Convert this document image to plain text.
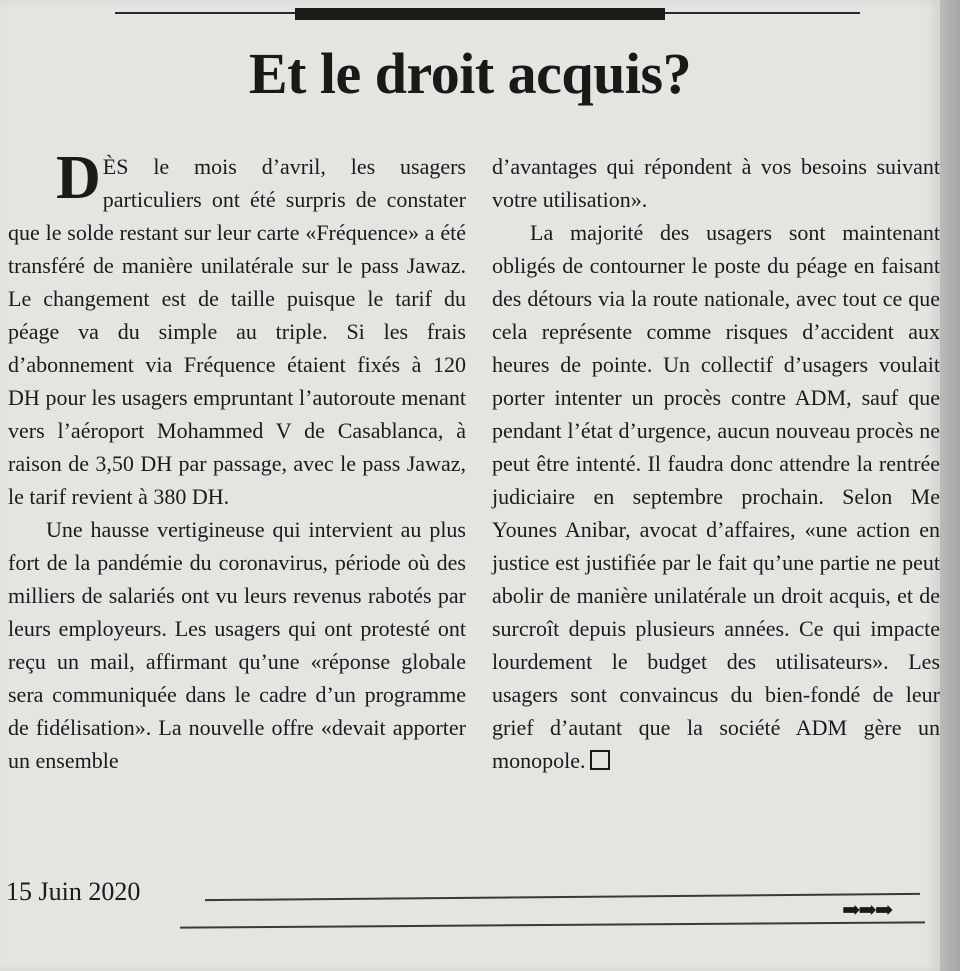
Et le droit acquis?

DÈS le mois d’avril, les usagers particuliers ont été surpris de constater que le solde restant sur leur carte «Fréquence» a été transféré de manière unilatérale sur le pass Jawaz. Le changement est de taille puisque le tarif du péage va du simple au triple. Si les frais d’abonnement via Fréquence étaient fixés à 120 DH pour les usagers empruntant l’autoroute menant vers l’aéroport Mohammed V de Casablanca, à raison de 3,50 DH par passage, avec le pass Jawaz, le tarif revient à 380 DH.

Une hausse vertigineuse qui intervient au plus fort de la pandémie du coronavirus, période où des milliers de salariés ont vu leurs revenus rabotés par leurs employeurs. Les usagers qui ont protesté ont reçu un mail, affirmant qu’une «réponse globale sera communiquée dans le cadre d’un programme de fidélisation». La nouvelle offre «devait apporter un ensemble

d’avantages qui répondent à vos besoins suivant votre utilisation».

La majorité des usagers sont maintenant obligés de contourner le poste du péage en faisant des détours via la route nationale, avec tout ce que cela représente comme risques d’accident aux heures de pointe. Un collectif d’usagers voulait porter intenter un procès contre ADM, sauf que pendant l’état d’urgence, aucun nouveau procès ne peut être intenté. Il faudra donc attendre la rentrée judiciaire en septembre prochain. Selon Me Younes Anibar, avocat d’affaires, «une action en justice est justifiée par le fait qu’une partie ne peut abolir de manière unilatérale un droit acquis, et de surcroît depuis plusieurs années. Ce qui impacte lourdement le budget des utilisateurs». Les usagers sont convaincus du bien-fondé de leur grief d’autant que la société ADM gère un monopole.

15 Juin 2020
➡➡➡
